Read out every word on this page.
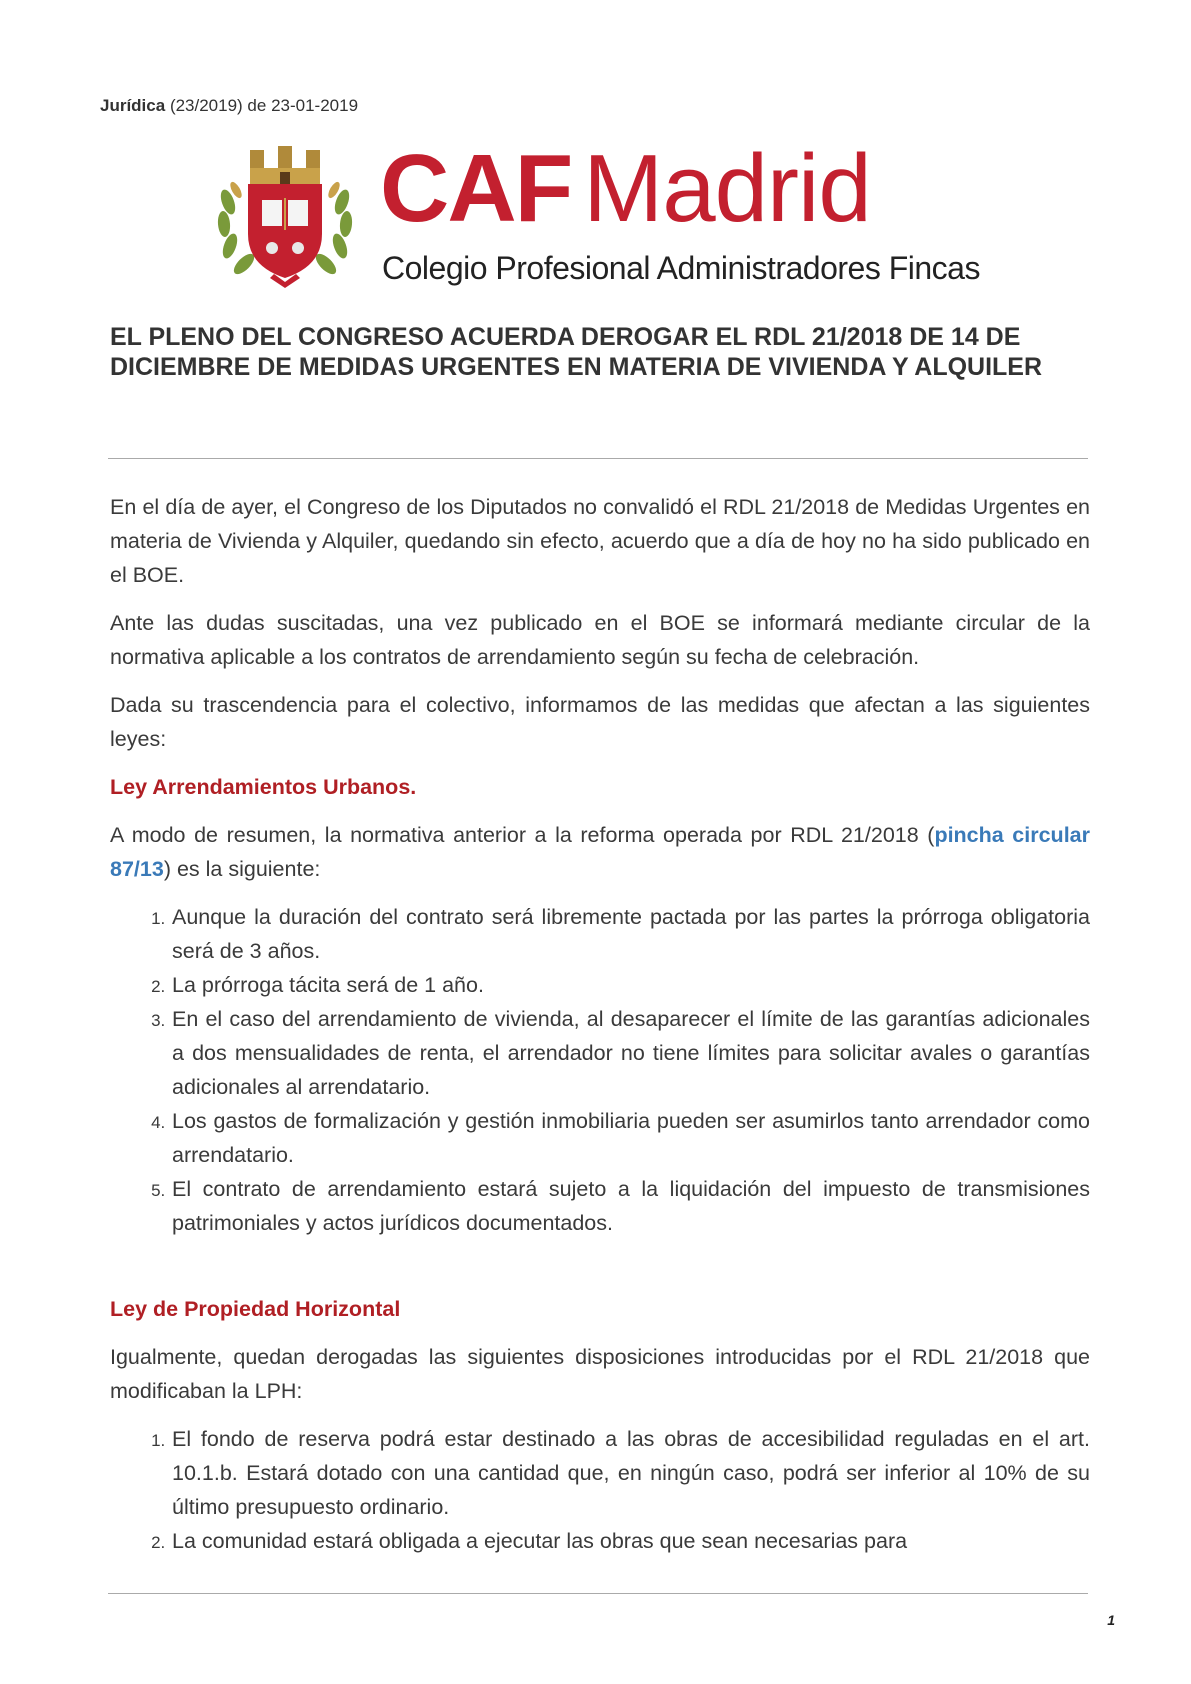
Jurídica (23/2019) de 23-01-2019
CAF Madrid
Colegio Profesional Administradores Fincas
EL PLENO DEL CONGRESO ACUERDA DEROGAR EL RDL 21/2018 DE 14 DE DICIEMBRE DE MEDIDAS URGENTES EN MATERIA DE VIVIENDA Y ALQUILER

En el día de ayer, el Congreso de los Diputados no convalidó el RDL 21/2018 de Medidas Urgentes en materia de Vivienda y Alquiler, quedando sin efecto, acuerdo que a día de hoy no ha sido publicado en el BOE.

Ante las dudas suscitadas, una vez publicado en el BOE se informará mediante circular de la normativa aplicable a los contratos de arrendamiento según su fecha de celebración.

Dada su trascendencia para el colectivo, informamos de las medidas que afectan a las siguientes leyes:

Ley Arrendamientos Urbanos.

A modo de resumen, la normativa anterior a la reforma operada por RDL 21/2018 (pincha circular 87/13) es la siguiente:

1. Aunque la duración del contrato será libremente pactada por las partes la prórroga obligatoria será de 3 años.
2. La prórroga tácita será de 1 año.
3. En el caso del arrendamiento de vivienda, al desaparecer el límite de las garantías adicionales a dos mensualidades de renta, el arrendador no tiene límites para solicitar avales o garantías adicionales al arrendatario.
4. Los gastos de formalización y gestión inmobiliaria pueden ser asumirlos tanto arrendador como arrendatario.
5. El contrato de arrendamiento estará sujeto a la liquidación del impuesto de transmisiones patrimoniales y actos jurídicos documentados.
Ley de Propiedad Horizontal

Igualmente, quedan derogadas las siguientes disposiciones introducidas por el RDL 21/2018 que modificaban la LPH:

1. El fondo de reserva podrá estar destinado a las obras de accesibilidad reguladas en el art. 10.1.b. Estará dotado con una cantidad que, en ningún caso, podrá ser inferior al 10% de su último presupuesto ordinario.
2. La comunidad estará obligada a ejecutar las obras que sean necesarias para
1
